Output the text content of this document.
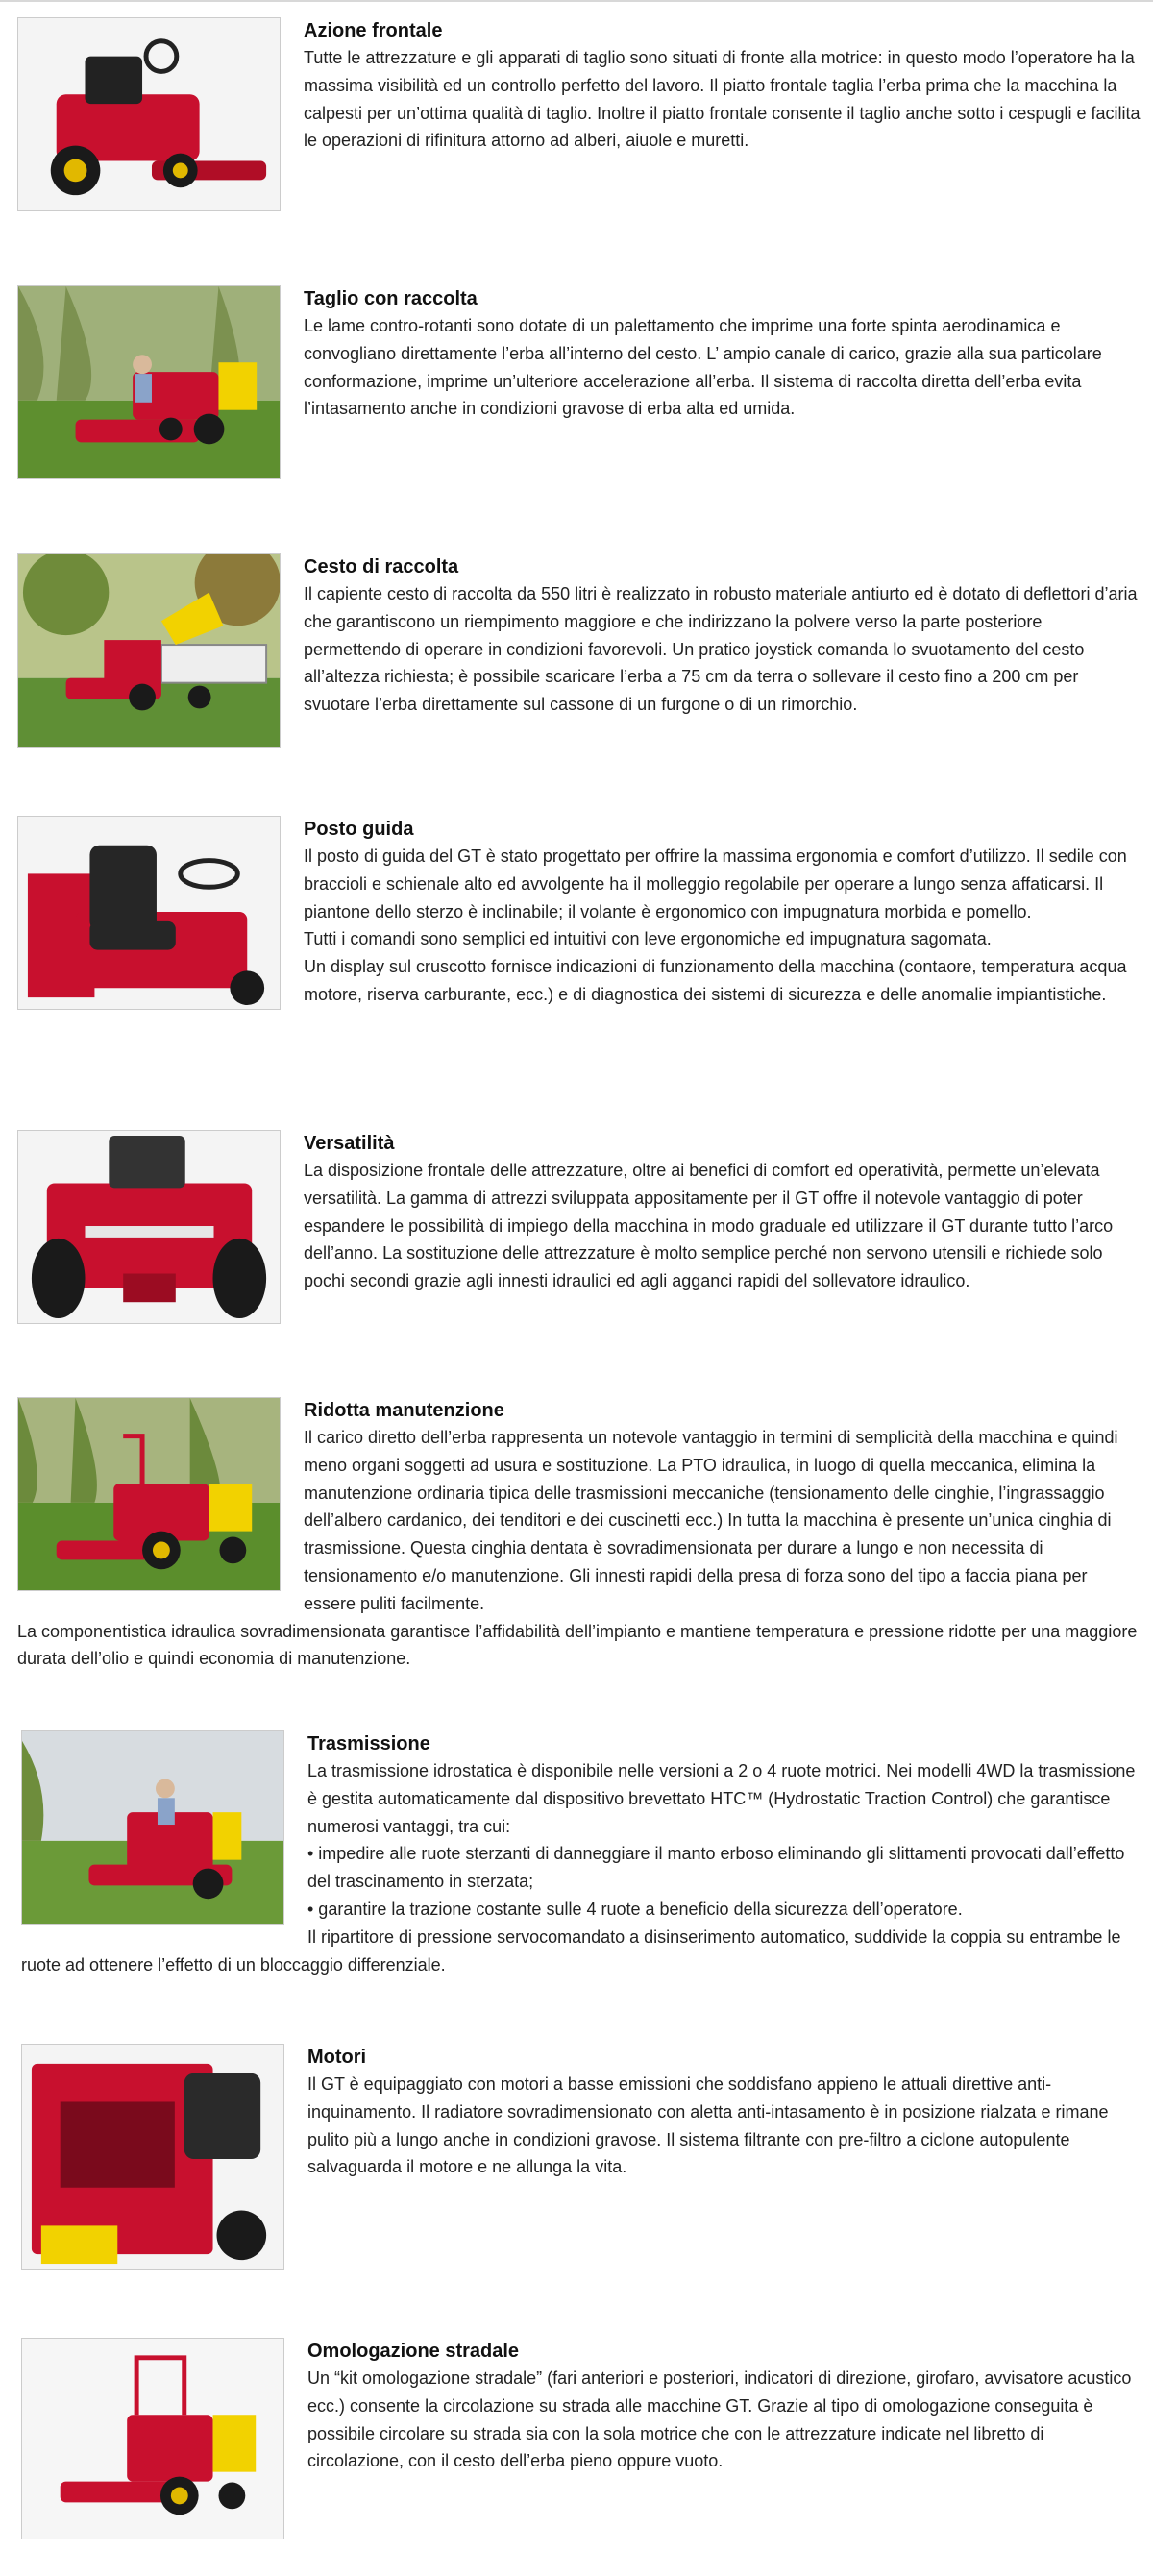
Azione frontale
Tutte le attrezzature e gli apparati di taglio sono situati di fronte alla motrice: in questo modo l’operatore ha la massima visibilità ed un controllo perfetto del lavoro. Il piatto frontale taglia l’erba prima che la macchina la calpesti per un’ottima qualità di taglio. Inoltre il piatto frontale consente il taglio anche sotto i cespugli e facilita le operazioni di rifinitura attorno ad alberi, aiuole e muretti.
Taglio con raccolta
Le lame contro-rotanti sono dotate di un palettamento che imprime una forte spinta aerodinamica e convogliano direttamente l’erba all’interno del cesto. L’ ampio canale di carico, grazie alla sua particolare conformazione, imprime un’ulteriore accelerazione all’erba. Il sistema di raccolta diretta dell’erba evita l’intasamento anche in condizioni gravose di erba alta ed umida.
Cesto di raccolta
Il capiente cesto di raccolta da 550 litri è realizzato in robusto materiale antiurto ed è dotato di deflettori d’aria che garantiscono un riempimento maggiore e che indirizzano la polvere verso la parte posteriore permettendo di operare in condizioni favorevoli. Un pratico joystick comanda lo svuotamento del cesto all’altezza richiesta; è possibile scaricare l’erba a 75 cm da terra o sollevare il cesto fino a 200 cm per svuotare l’erba direttamente sul cassone di un furgone o di un rimorchio.
Posto guida
Il posto di guida del GT è stato progettato per offrire la massima ergonomia e comfort d’utilizzo. Il sedile con braccioli e schienale alto ed avvolgente ha il molleggio regolabile per operare a lungo senza affaticarsi. Il piantone dello sterzo è inclinabile; il volante è ergonomico con impugnatura morbida e pomello.
Tutti i comandi sono semplici ed intuitivi con leve ergonomiche ed impugnatura sagomata.
Un display sul cruscotto fornisce indicazioni di funzionamento della macchina (contaore, temperatura acqua motore, riserva carburante, ecc.) e di diagnostica dei sistemi di sicurezza e delle anomalie impiantistiche.
Versatilità
La disposizione frontale delle attrezzature, oltre ai benefici di comfort ed operatività, permette un’elevata versatilità. La gamma di attrezzi sviluppata appositamente per il GT offre il notevole vantaggio di poter espandere le possibilità di impiego della macchina in modo graduale ed utilizzare il GT durante tutto l’arco dell’anno. La sostituzione delle attrezzature è molto semplice perché non servono utensili e richiede solo pochi secondi grazie agli innesti idraulici ed agli agganci rapidi del sollevatore idraulico.
Ridotta manutenzione
Il carico diretto dell’erba rappresenta un notevole vantaggio in termini di semplicità della macchina e quindi meno organi soggetti ad usura e sostituzione. La PTO idraulica, in luogo di quella meccanica, elimina la manutenzione ordinaria tipica delle trasmissioni meccaniche (tensionamento delle cinghie, l’ingrassaggio dell’albero cardanico, dei tenditori e dei cuscinetti ecc.) In tutta la macchina è presente un’unica cinghia di trasmissione. Questa cinghia dentata è sovradimensionata per durare a lungo e non necessita di tensionamento e/o manutenzione. Gli innesti rapidi della presa di forza sono del tipo a faccia piana per essere puliti facilmente.
La componentistica idraulica sovradimensionata garantisce l’affidabilità dell’impianto e mantiene temperatura e pressione ridotte per una maggiore durata dell’olio e quindi economia di manutenzione.
Trasmissione
La trasmissione idrostatica è disponibile nelle versioni a 2 o 4 ruote motrici. Nei modelli 4WD la trasmissione è gestita automaticamente dal dispositivo brevettato HTC™ (Hydrostatic Traction Control) che garantisce numerosi vantaggi, tra cui:
• impedire alle ruote sterzanti di danneggiare il manto erboso eliminando gli slittamenti provocati dall’effetto del trascinamento in sterzata;
• garantire la trazione costante sulle 4 ruote a beneficio della sicurezza dell’operatore.
Il ripartitore di pressione servocomandato a disinserimento automatico, suddivide la coppia su entrambe le ruote ad ottenere l’effetto di un bloccaggio differenziale.
Motori
Il GT è equipaggiato con motori a basse emissioni che soddisfano appieno le attuali direttive anti-inquinamento. Il radiatore sovradimensionato con aletta anti-intasamento è in posizione rialzata e rimane pulito più a lungo anche in condizioni gravose. Il sistema filtrante con pre-filtro a ciclone autopulente salvaguarda il motore e ne allunga la vita.
Omologazione stradale
Un “kit omologazione stradale” (fari anteriori e posteriori, indicatori di direzione, girofaro, avvisatore acustico ecc.) consente la circolazione su strada alle macchine GT. Grazie al tipo di omologazione conseguita è possibile circolare su strada sia con la sola motrice che con le attrezzature indicate nel libretto di circolazione, con il cesto dell’erba pieno oppure vuoto.
